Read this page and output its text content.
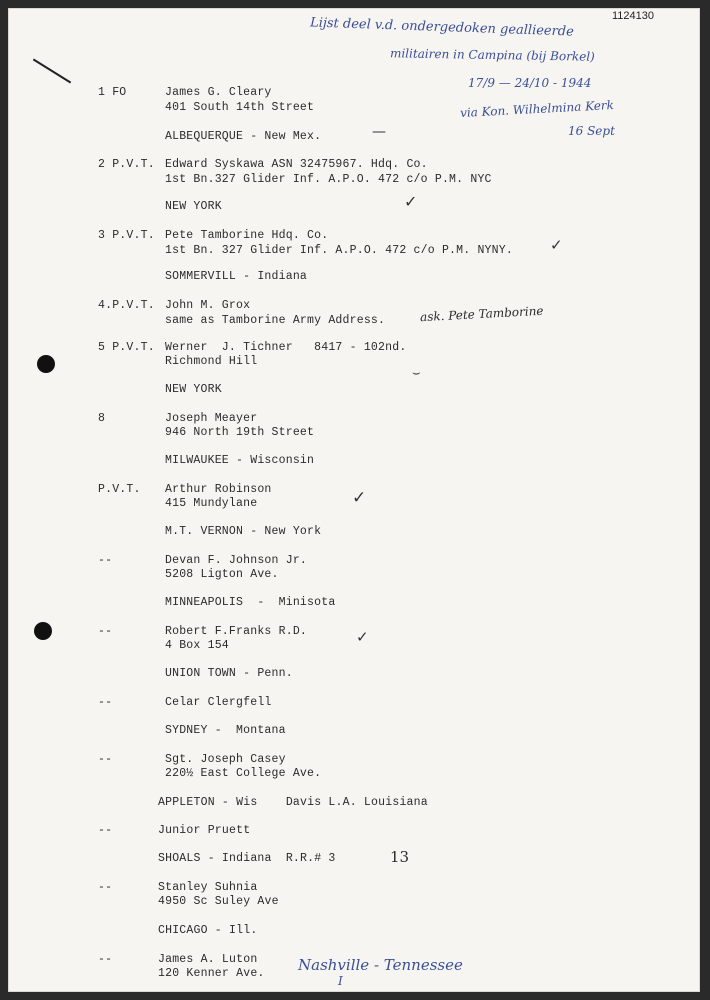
1124130
Lijst deel v.d. ondergedoken geallieerde
militairen in Campina (bij Borkel)
17/9 — 24/10 - 1944
via Kon. Wilhelmina Kerk
16 Sept
1 FO	James G. Cleary
401 South 14th Street
ALBEQUERQUE - New Mex.	—
2 P.V.T. Edward Syskawa ASN 32475967. Hdq. Co.
1st Bn.327 Glider Inf. A.P.O. 472 c/o P.M. NYC
NEW YORK	✓
3 P.V.T. Pete Tamborine Hdq. Co.
1st Bn. 327 Glider Inf. A.P.O. 472 c/o P.M. NYNY.
SOMMERVILL - Indiana
✓
4.P.V.T. John M. Grox
same as Tamborine Army Address.	ask. Pete Tamborine
5 P.V.T. Werner  J. Tichner   8417 - 102nd.
Richmond Hill
NEW YORK
⌣
8	Joseph Meayer
946 North 19th Street
MILWAUKEE - Wisconsin
P.V.T. Arthur Robinson
415 Mundylane
M.T. VERNON - New York
✓
--	Devan F. Johnson Jr.
5208 Ligton Ave.
MINNEAPOLIS  -  Minisota
--	Robert F.Franks R.D.
4 Box 154
UNION TOWN - Penn.
✓
--	Celar Clergfell
SYDNEY -  Montana
--	Sgt. Joseph Casey
220½ East College Ave.
APPLETON - Wis    Davis L.A. Louisiana
--	Junior Pruett
SHOALS - Indiana  R.R.# 3	13
--	Stanley Suhnia
4950 Sc Suley Ave
CHICAGO - Ill.
--	James A. Luton
120 Kenner Ave. Nashville - Tennessee
I
